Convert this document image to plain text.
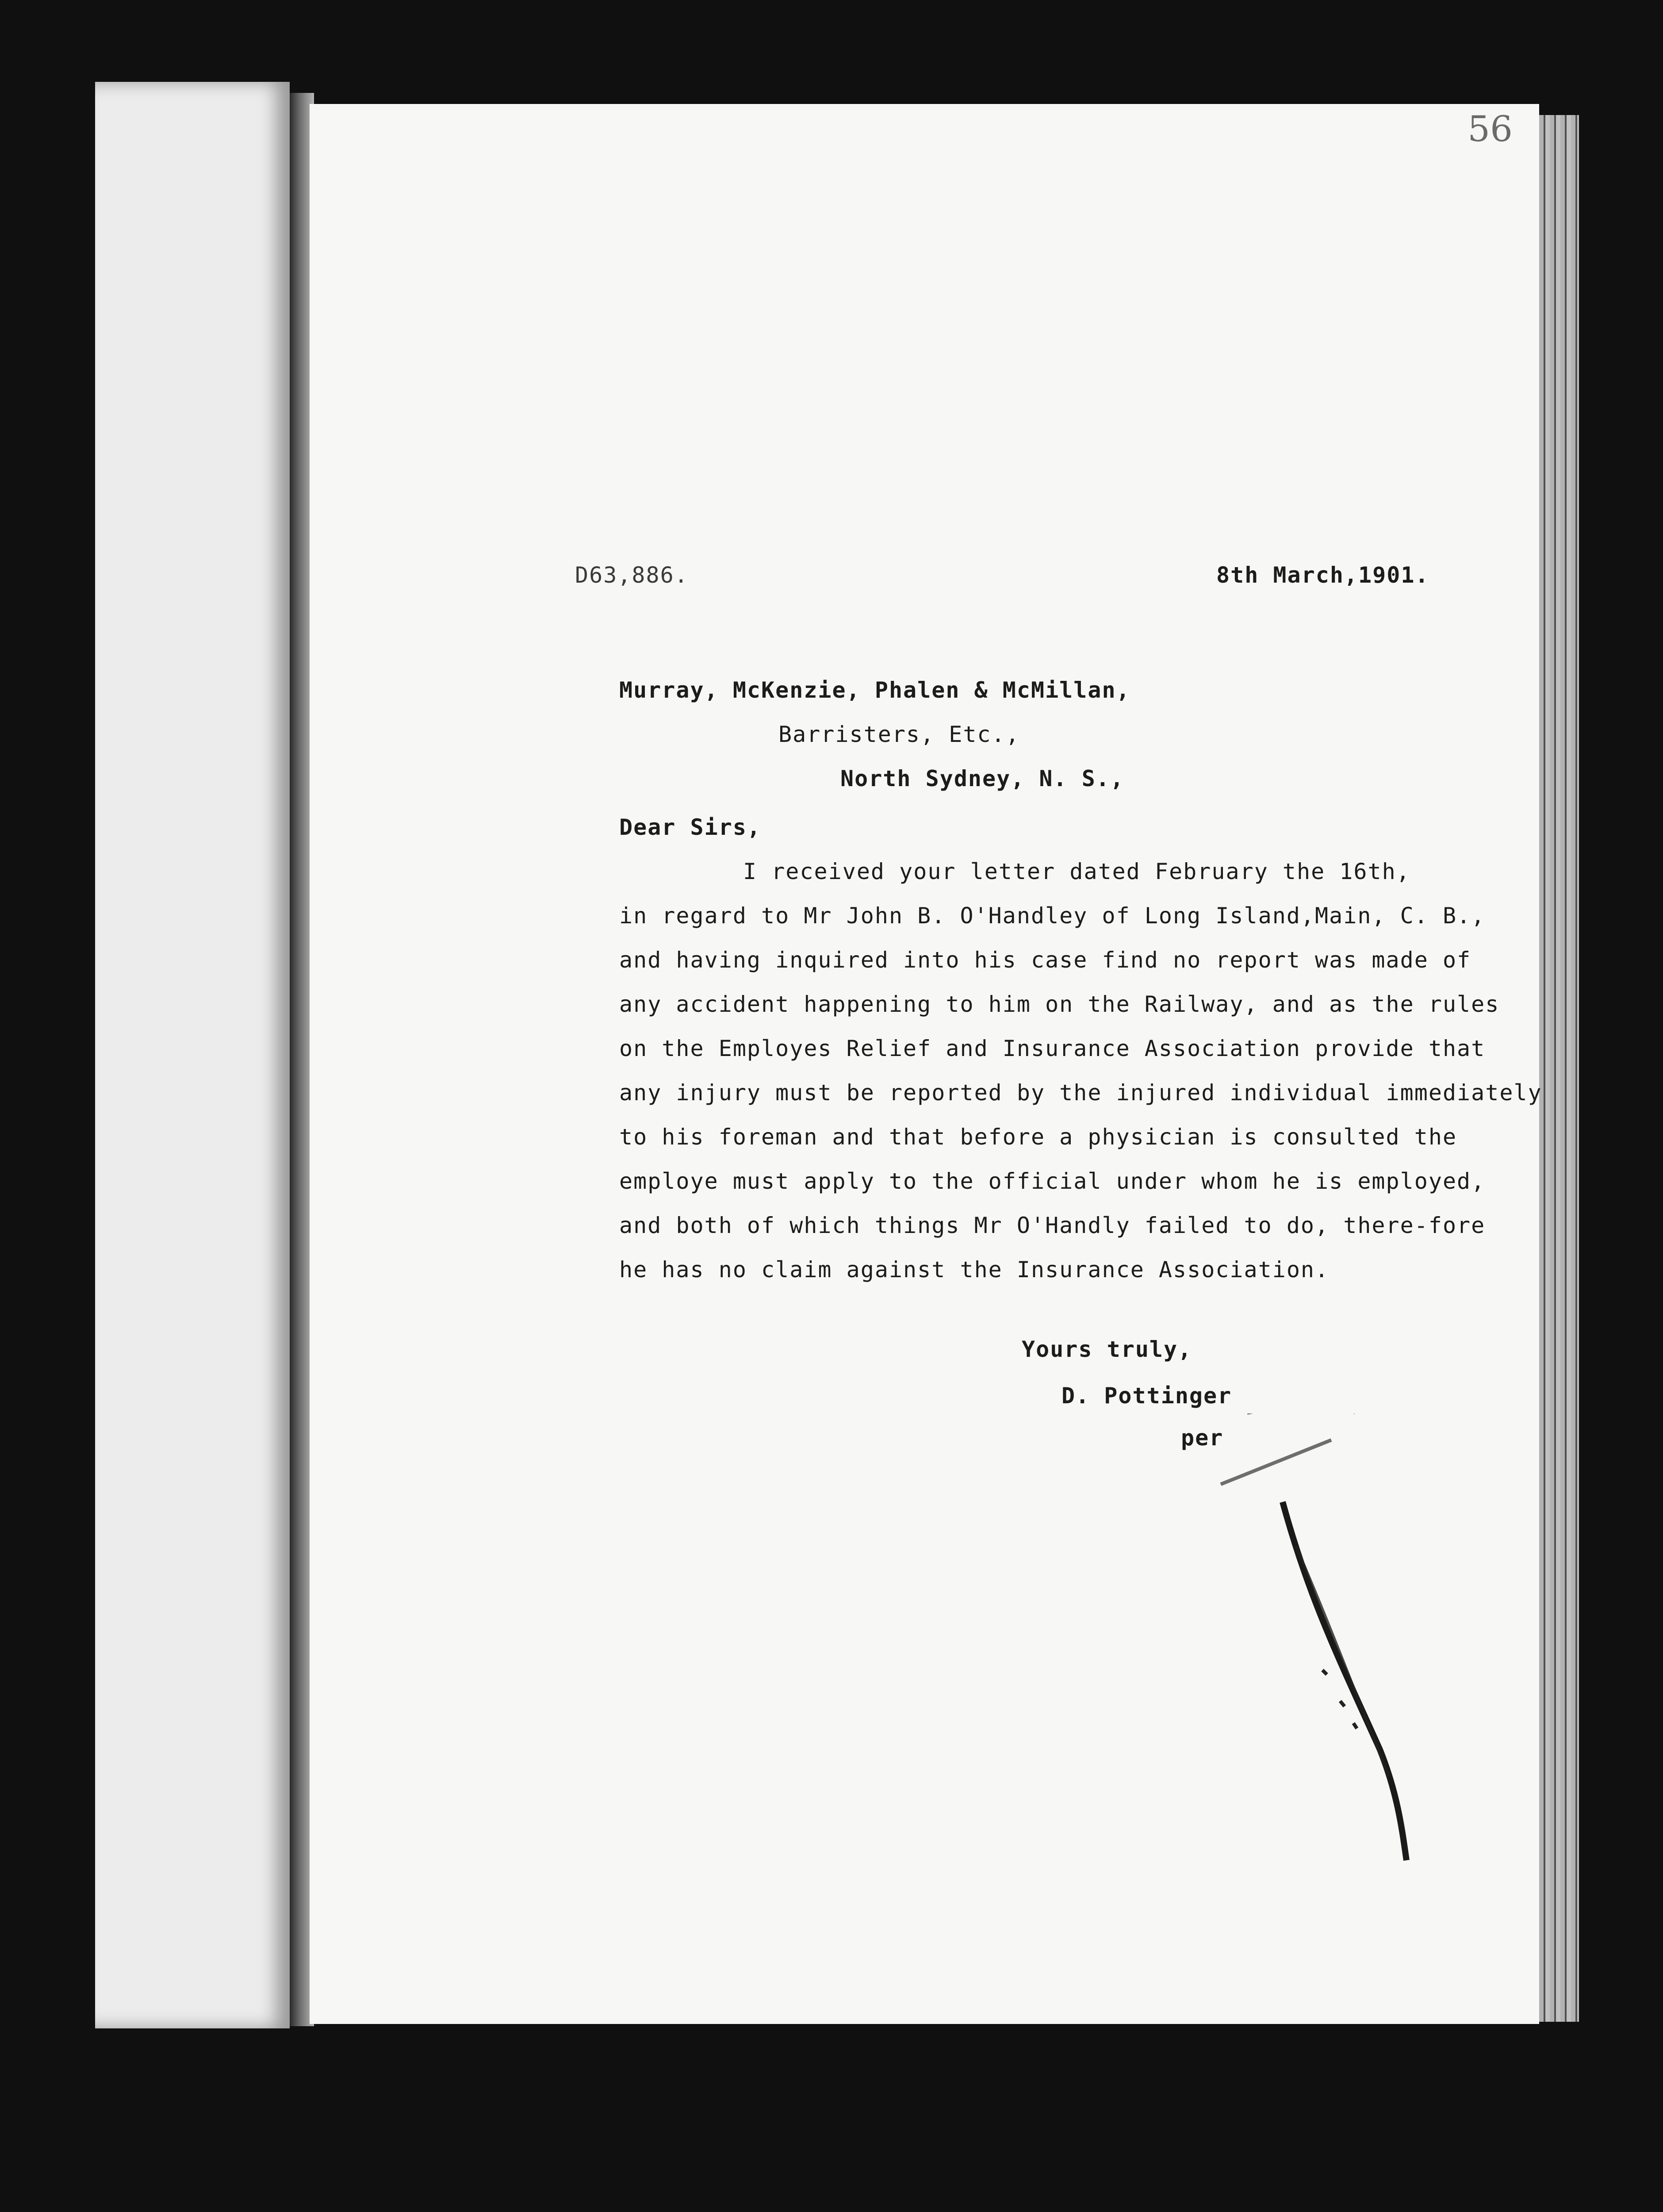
56
D63,886.	8th March,1901.
Murray, McKenzie, Phalen & McMillan,
Barristers, Etc.,
North Sydney, N. S.,
Dear Sirs,
I received your letter dated February the 16th,
in regard to Mr John B. O'Handley of Long Island,Main, C. B.,
and having inquired into his case find no report was made of
any accident happening to him on the Railway, and as the rules
on the Employes Relief and Insurance Association provide that
any injury must be reported by the injured individual immediately
to his foreman and that before a physician is consulted the
employe must apply to the official under whom he is employed,
and both of which things Mr O'Handly failed to do, there-fore
he has no claim against the Insurance Association.
Yours truly,
D. Pottinger
per
